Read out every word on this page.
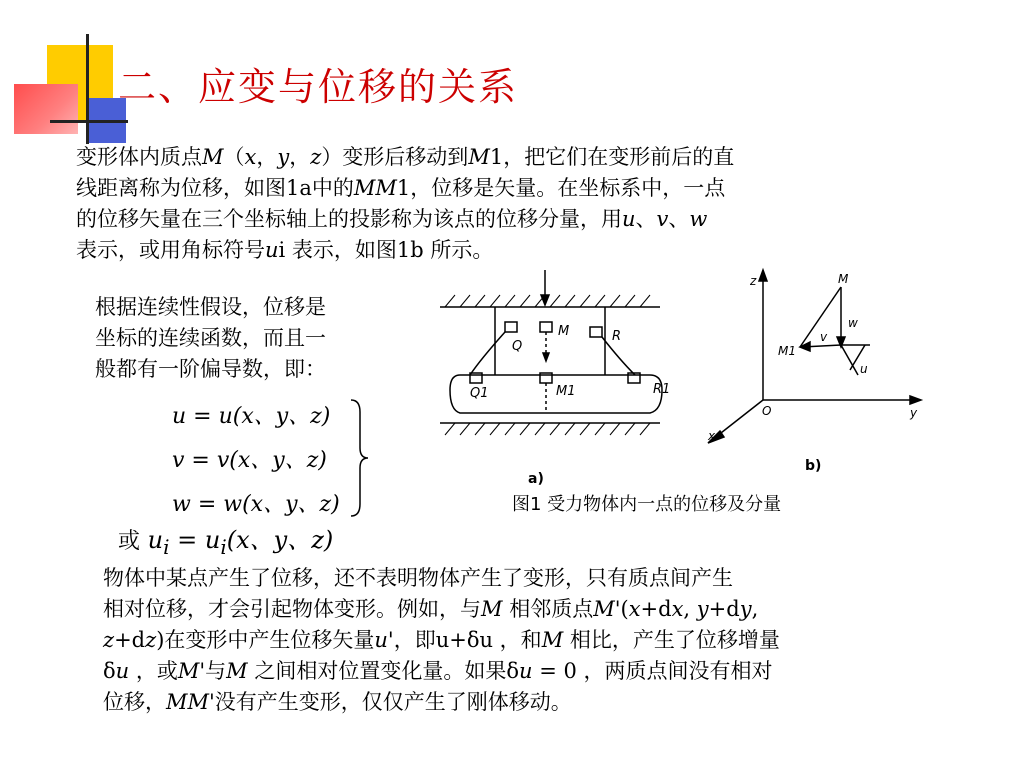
二、应变与位移的关系
变形体内质点M（x，y，z）变形后移动到M1，把它们在变形前后的直
线距离称为位移，如图1a中的MM1，位移是矢量。在坐标系中，一点
的位移矢量在三个坐标轴上的投影称为该点的位移分量，用u、v、w
表示，或用角标符号ui 表示，如图1b 所示。
根据连续性假设，位移是
坐标的连续函数，而且一
般都有一阶偏导数，即：
u = u(x、y、z)
v = v(x、y、z)
w = w(x、y、z)
或 $u_i = u_i(x$、y、z)
M
Q
R
Q1	M1	R1
a)
z	M
w
v
M1
u
O	y
x
b)
图1 受力物体内一点的位移及分量
物体中某点产生了位移，还不表明物体产生了变形，只有质点间产生
相对位移，才会引起物体变形。例如，与M 相邻质点M'(x+dx, y+dy,
z+dz)在变形中产生位移矢量u'，即u+δu ，和M 相比，产生了位移增量
δu ，或M'与M 之间相对位置变化量。如果δu = 0 ，两质点间没有相对
位移，MM'没有产生变形，仅仅产生了刚体移动。
